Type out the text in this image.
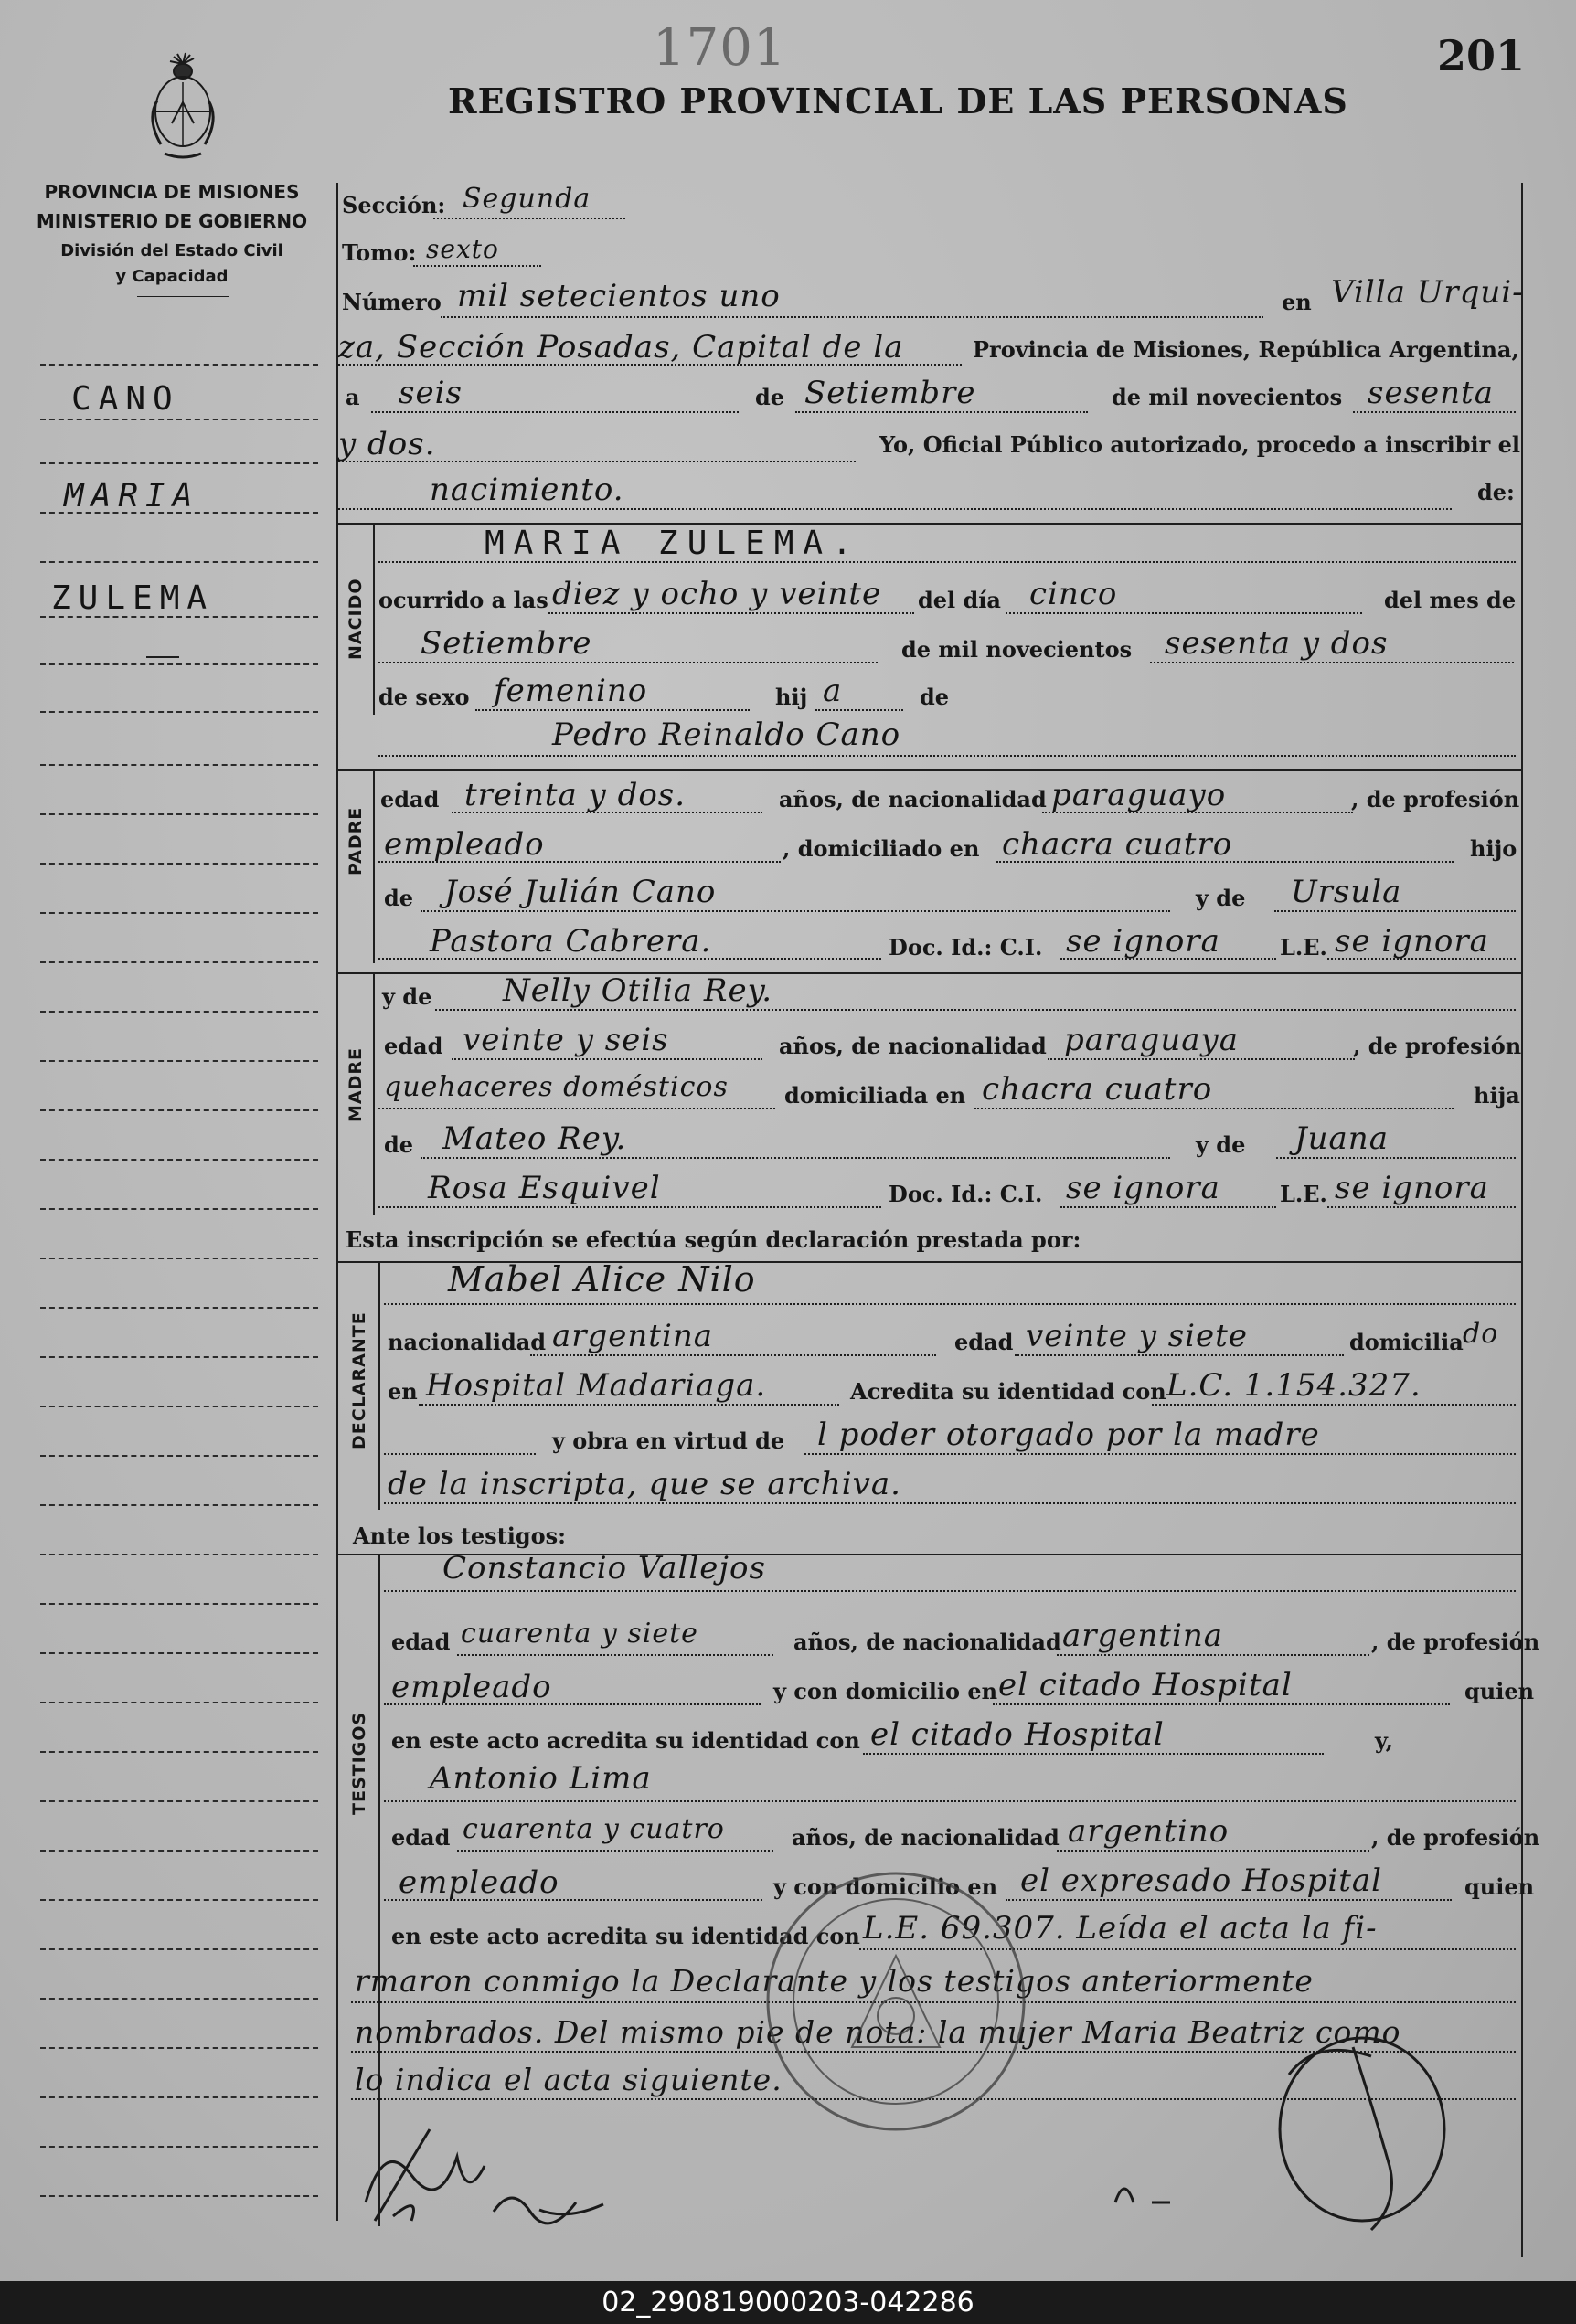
1701	201
REGISTRO PROVINCIAL DE LAS PERSONAS
PROVINCIA DE MISIONES
MINISTERIO DE GOBIERNO
División del Estado Civil
y Capacidad
CANO
MARIA
ZULEMA
Sección: Segunda
Tomo: sexto
Número mil setecientos uno	en Villa Urqui-
za, Sección Posadas, Capital de la	Provincia de Misiones, República Argentina,
a seis	de Setiembre	de mil novecientos sesenta
y dos.	Yo, Oficial Público autorizado, procedo a inscribir el
nacimiento.	de:
NACIDO
MARIA ZULEMA.
ocurrido a las diez y ocho y veinte del día cinco	del mes de
Setiembre	de mil novecientos sesenta y dos
de sexo femenino	hij a	de
Pedro Reinaldo Cano
PADRE
edad treinta y dos.	años, de nacionalidad paraguayo	, de profesión
empleado	, domiciliado en chacra cuatro	hijo
de José Julián Cano	y de Ursula
Pastora Cabrera.	Doc. Id.: C.I. se ignora	L.E. se ignora
MADRE
y de Nelly Otilia Rey.
edad veinte y seis	años, de nacionalidad paraguaya	, de profesión
quehaceres domésticos	domiciliada en chacra cuatro	hija
de Mateo Rey.	y de Juana
Rosa Esquivel	Doc. Id.: C.I. se ignora	L.E. se ignora
Esta inscripción se efectúa según declaración prestada por:
DECLARANTE
Mabel Alice Nilo
nacionalidad argentina	edad veinte y siete	domicilia do
en Hospital Madariaga.	Acredita su identidad con L.C. 1.154.327.
y obra en virtud de l poder otorgado por la madre
de la inscripta, que se archiva.
Ante los testigos:
TESTIGOS
Constancio Vallejos
edad cuarenta y siete	años, de nacionalidad argentina	, de profesión
empleado	y con domicilio en el citado Hospital	quien
en este acto acredita su identidad con el citado Hospital	y,
Antonio Lima
edad cuarenta y cuatro	años, de nacionalidad argentino	, de profesión
empleado	y con domicilio en el expresado Hospital	quien
en este acto acredita su identidad con L.E. 69.307. Leída el acta la fi-
rmaron conmigo la Declarante y los testigos anteriormente
nombrados. Del mismo pie de nota: la mujer Maria Beatriz como
lo indica el acta siguiente.
02_290819000203-042286
